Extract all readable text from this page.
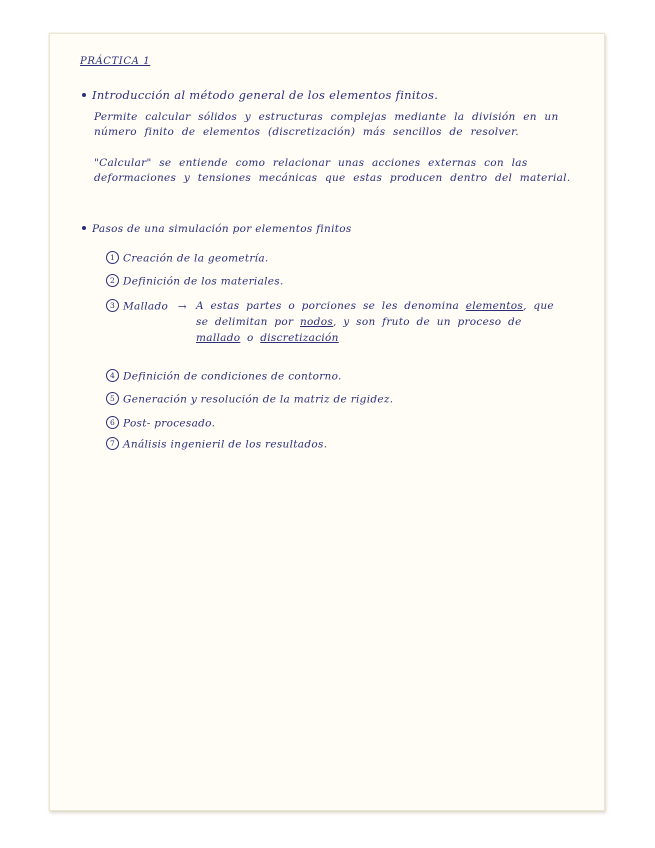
PRÁCTICA 1
Introducción al método general de los elementos finitos.
Permite calcular sólidos y estructuras complejas mediante la división en un número finito de elementos (discretización) más sencillos de resolver.
"Calcular" se entiende como relacionar unas acciones externas con las deformaciones y tensiones mecánicas que estas producen dentro del material.
Pasos de una simulación por elementos finitos
1 Creación de la geometría.
2 Definición de los materiales.
3 Mallado → A estas partes o porciones se les denomina elementos, que se delimitan por nodos, y son fruto de un proceso de mallado o discretización
4 Definición de condiciones de contorno.
5 Generación y resolución de la matriz de rigidez.
6 Post- procesado.
7 Análisis ingenieril de los resultados.
